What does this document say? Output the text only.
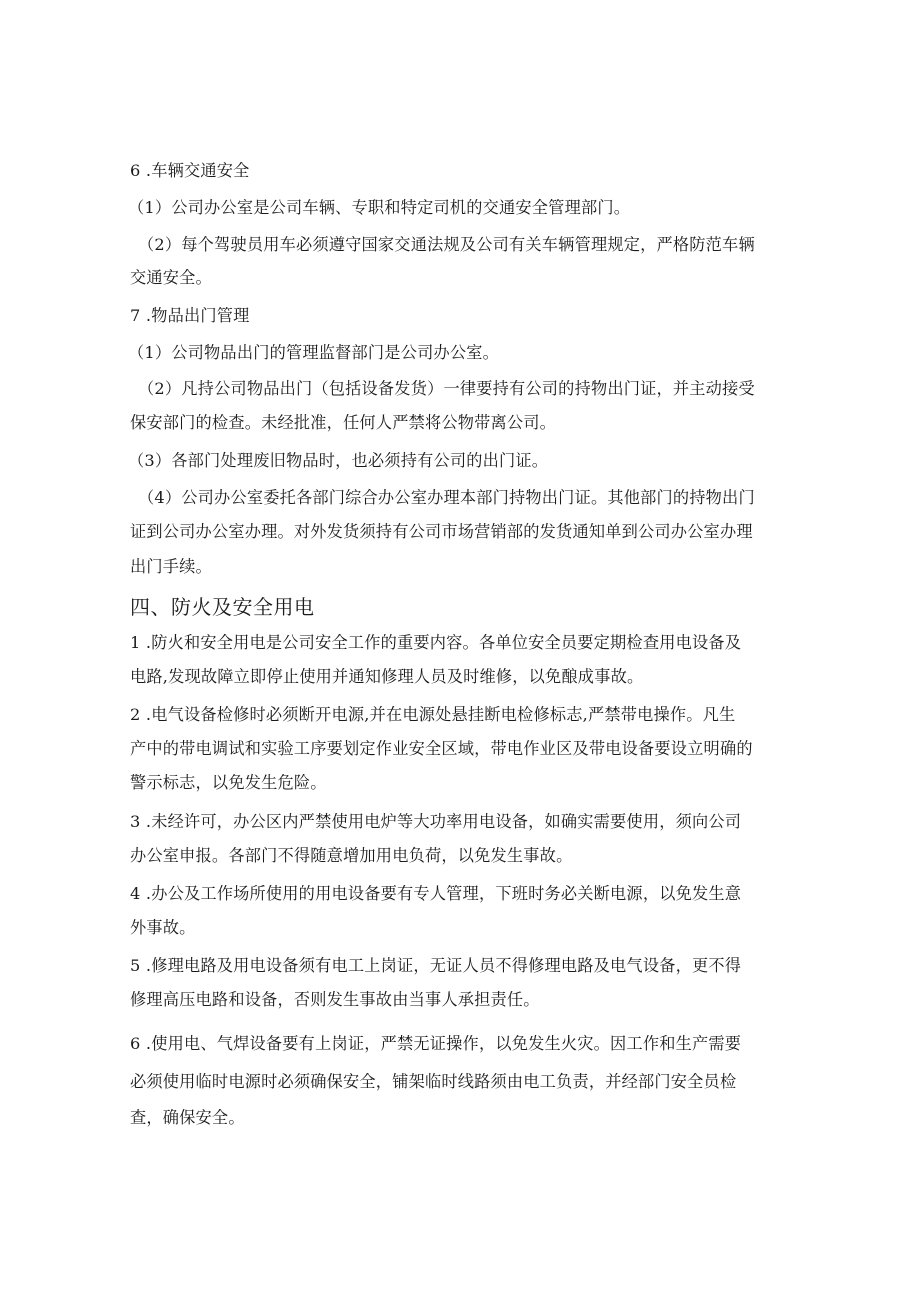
6 .车辆交通安全
（1）公司办公室是公司车辆、专职和特定司机的交通安全管理部门。
（2）每个驾驶员用车必须遵守国家交通法规及公司有关车辆管理规定，严格防范车辆
交通安全。
7 .物品出门管理
（1）公司物品出门的管理监督部门是公司办公室。
（2）凡持公司物品出门（包括设备发货）一律要持有公司的持物出门证，并主动接受
保安部门的检查。未经批准，任何人严禁将公物带离公司。
（3）各部门处理废旧物品时，也必须持有公司的出门证。
（4）公司办公室委托各部门综合办公室办理本部门持物出门证。其他部门的持物出门
证到公司办公室办理。对外发货须持有公司市场营销部的发货通知单到公司办公室办理
出门手续。
四、防火及安全用电
1 .防火和安全用电是公司安全工作的重要内容。各单位安全员要定期检查用电设备及
电路,发现故障立即停止使用并通知修理人员及时维修，以免酿成事故。
2 .电气设备检修时必须断开电源,并在电源处悬挂断电检修标志,严禁带电操作。凡生
产中的带电调试和实验工序要划定作业安全区域，带电作业区及带电设备要设立明确的
警示标志，以免发生危险。
3 .未经许可，办公区内严禁使用电炉等大功率用电设备，如确实需要使用，须向公司
办公室申报。各部门不得随意增加用电负荷，以免发生事故。
4 .办公及工作场所使用的用电设备要有专人管理，下班时务必关断电源，以免发生意
外事故。
5 .修理电路及用电设备须有电工上岗证，无证人员不得修理电路及电气设备，更不得
修理高压电路和设备，否则发生事故由当事人承担责任。
6 .使用电、气焊设备要有上岗证，严禁无证操作，以免发生火灾。因工作和生产需要
必须使用临时电源时必须确保安全，铺架临时线路须由电工负责，并经部门安全员检
查，确保安全。
